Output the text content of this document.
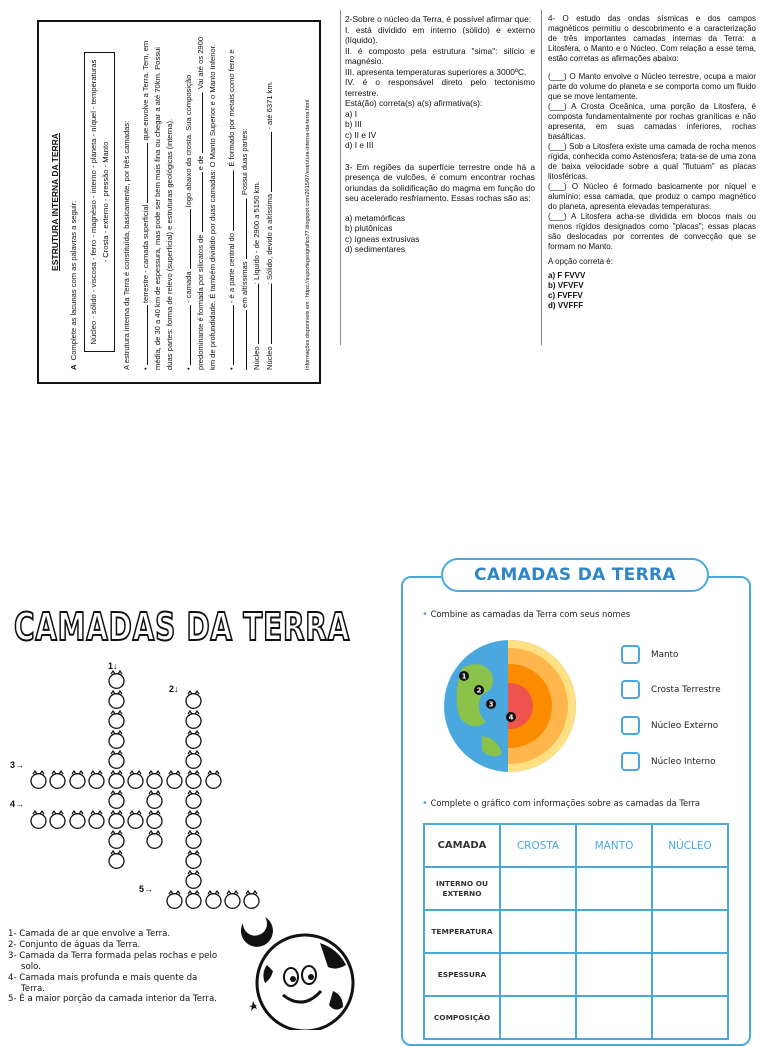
ESTRUTURA INTERNA DA TERRA
A  Complete as lacunas com as palavras a seguir:	Núcleo - sólido - viscosa - ferro - magnésio - interno - planeta - níquel - temperaturas - Crosta - externo - pressão - Manto	A estrutura interna da Terra é constituída, basicamente, por três camadas: •  terrestre - camada superficial  que envolve a Terra. Tem, em média, de 30 a 40 km de espessura, mas pode ser bem mais fina ou chegar a até 70km. Possui duas partes: forma de relevo (superficial) e estruturas geológicas (interna). •  - camada  logo abaixo da crosta. Sua composição predominante é formada por silicatos de  e de . Vai até os 2900 km de profundidade. É também dividido por duas camadas: O Manto Superior e o Manto Inferior. •  - é a parte central do . É formado por metais como ferro e  em altíssimas . Possui duas partes:
Núcleo : Líquido - de 2900 a 5150 km.
Núcleo : Sólido, devido a altíssima  - até 6371 km.	Informações disponíveis em : https://suportegeografico77.blogspot.com/2015/07/estrutura-interna-da-terra.html

2-Sobre o núcleo da Terra, é possível afirmar que:

I. está dividido em interno (sólido) e externo (líquido).

II. é composto pela estrutura "sima": silício e magnésio.

III. apresenta temperaturas superiores a 3000ºC.

IV. é o responsável direto pelo tectonismo terrestre.

Está(ão) correta(s) a(s) afirmativa(s):

a) I

b) III

c) II e IV

d) I e III

3- Em regiões da superfície terrestre onde há a presença de vulcões, é comum encontrar rochas oriundas da solidificação do magma em função do seu acelerado resfriamento. Essas rochas são as:

a) metamórficas

b) plutônicas

c) ígneas extrusivas

d) sedimentares

4- O estudo das ondas sísmicas e dos campos magnéticos permitiu o descobrimento e a caracterização de três importantes camadas internas da Terra: a Litosfera, o Manto e o Núcleo. Com relação a esse tema, estão corretas as afirmações abaixo:

(___) O Manto envolve o Núcleo terrestre, ocupa a maior parte do volume do planeta e se comporta como um fluido que se move lentamente.

(___) A Crosta Oceânica, uma porção da Litosfera, é composta fundamentalmente por rochas graníticas e não apresenta, em suas camadas inferiores, rochas basálticas.

(___) Sob a Litosfera existe uma camada de rocha menos rígida, conhecida como Astenosfera; trata-se de uma zona de baixa velocidade sobre a qual "flutuam" as placas litosféricas.

(___) O Núcleo é formado basicamente por níquel e alumínio; essa camada, que produz o campo magnético do planeta, apresenta elevadas temperaturas.

(___) A Litosfera acha-se dividida em blocos mais ou menos rígidos designados como "placas"; essas placas são deslocadas por correntes de convecção que se formam no Manto.

A opção correta é:

a) F FVVV

b) VFVFV

c) FVFFV

d) VVFFF

CAMADAS DA TERRA
1↓
2↓
3→
4→
5→
1- Camada de ar que envolve a Terra.
2- Conjunto de águas da Terra.
3- Camada da Terra formada pelas rochas e pelo solo.
4- Camada mais profunda e mais quente da Terra.
5- É a maior porção da camada interior da Terra.
CAMADAS DA TERRA
• Combine as camadas da Terra com seus nomes
1
2
3
4
Manto
Crosta Terrestre
Núcleo Externo
Núcleo Interno
• Complete o gráfico com informações sobre as camadas da Terra
CAMADA	CROSTA	MANTO	NÚCLEO
INTERNO OU EXTERNO			
TEMPERATURA			
ESPESSURA			
COMPOSIÇÃO			
